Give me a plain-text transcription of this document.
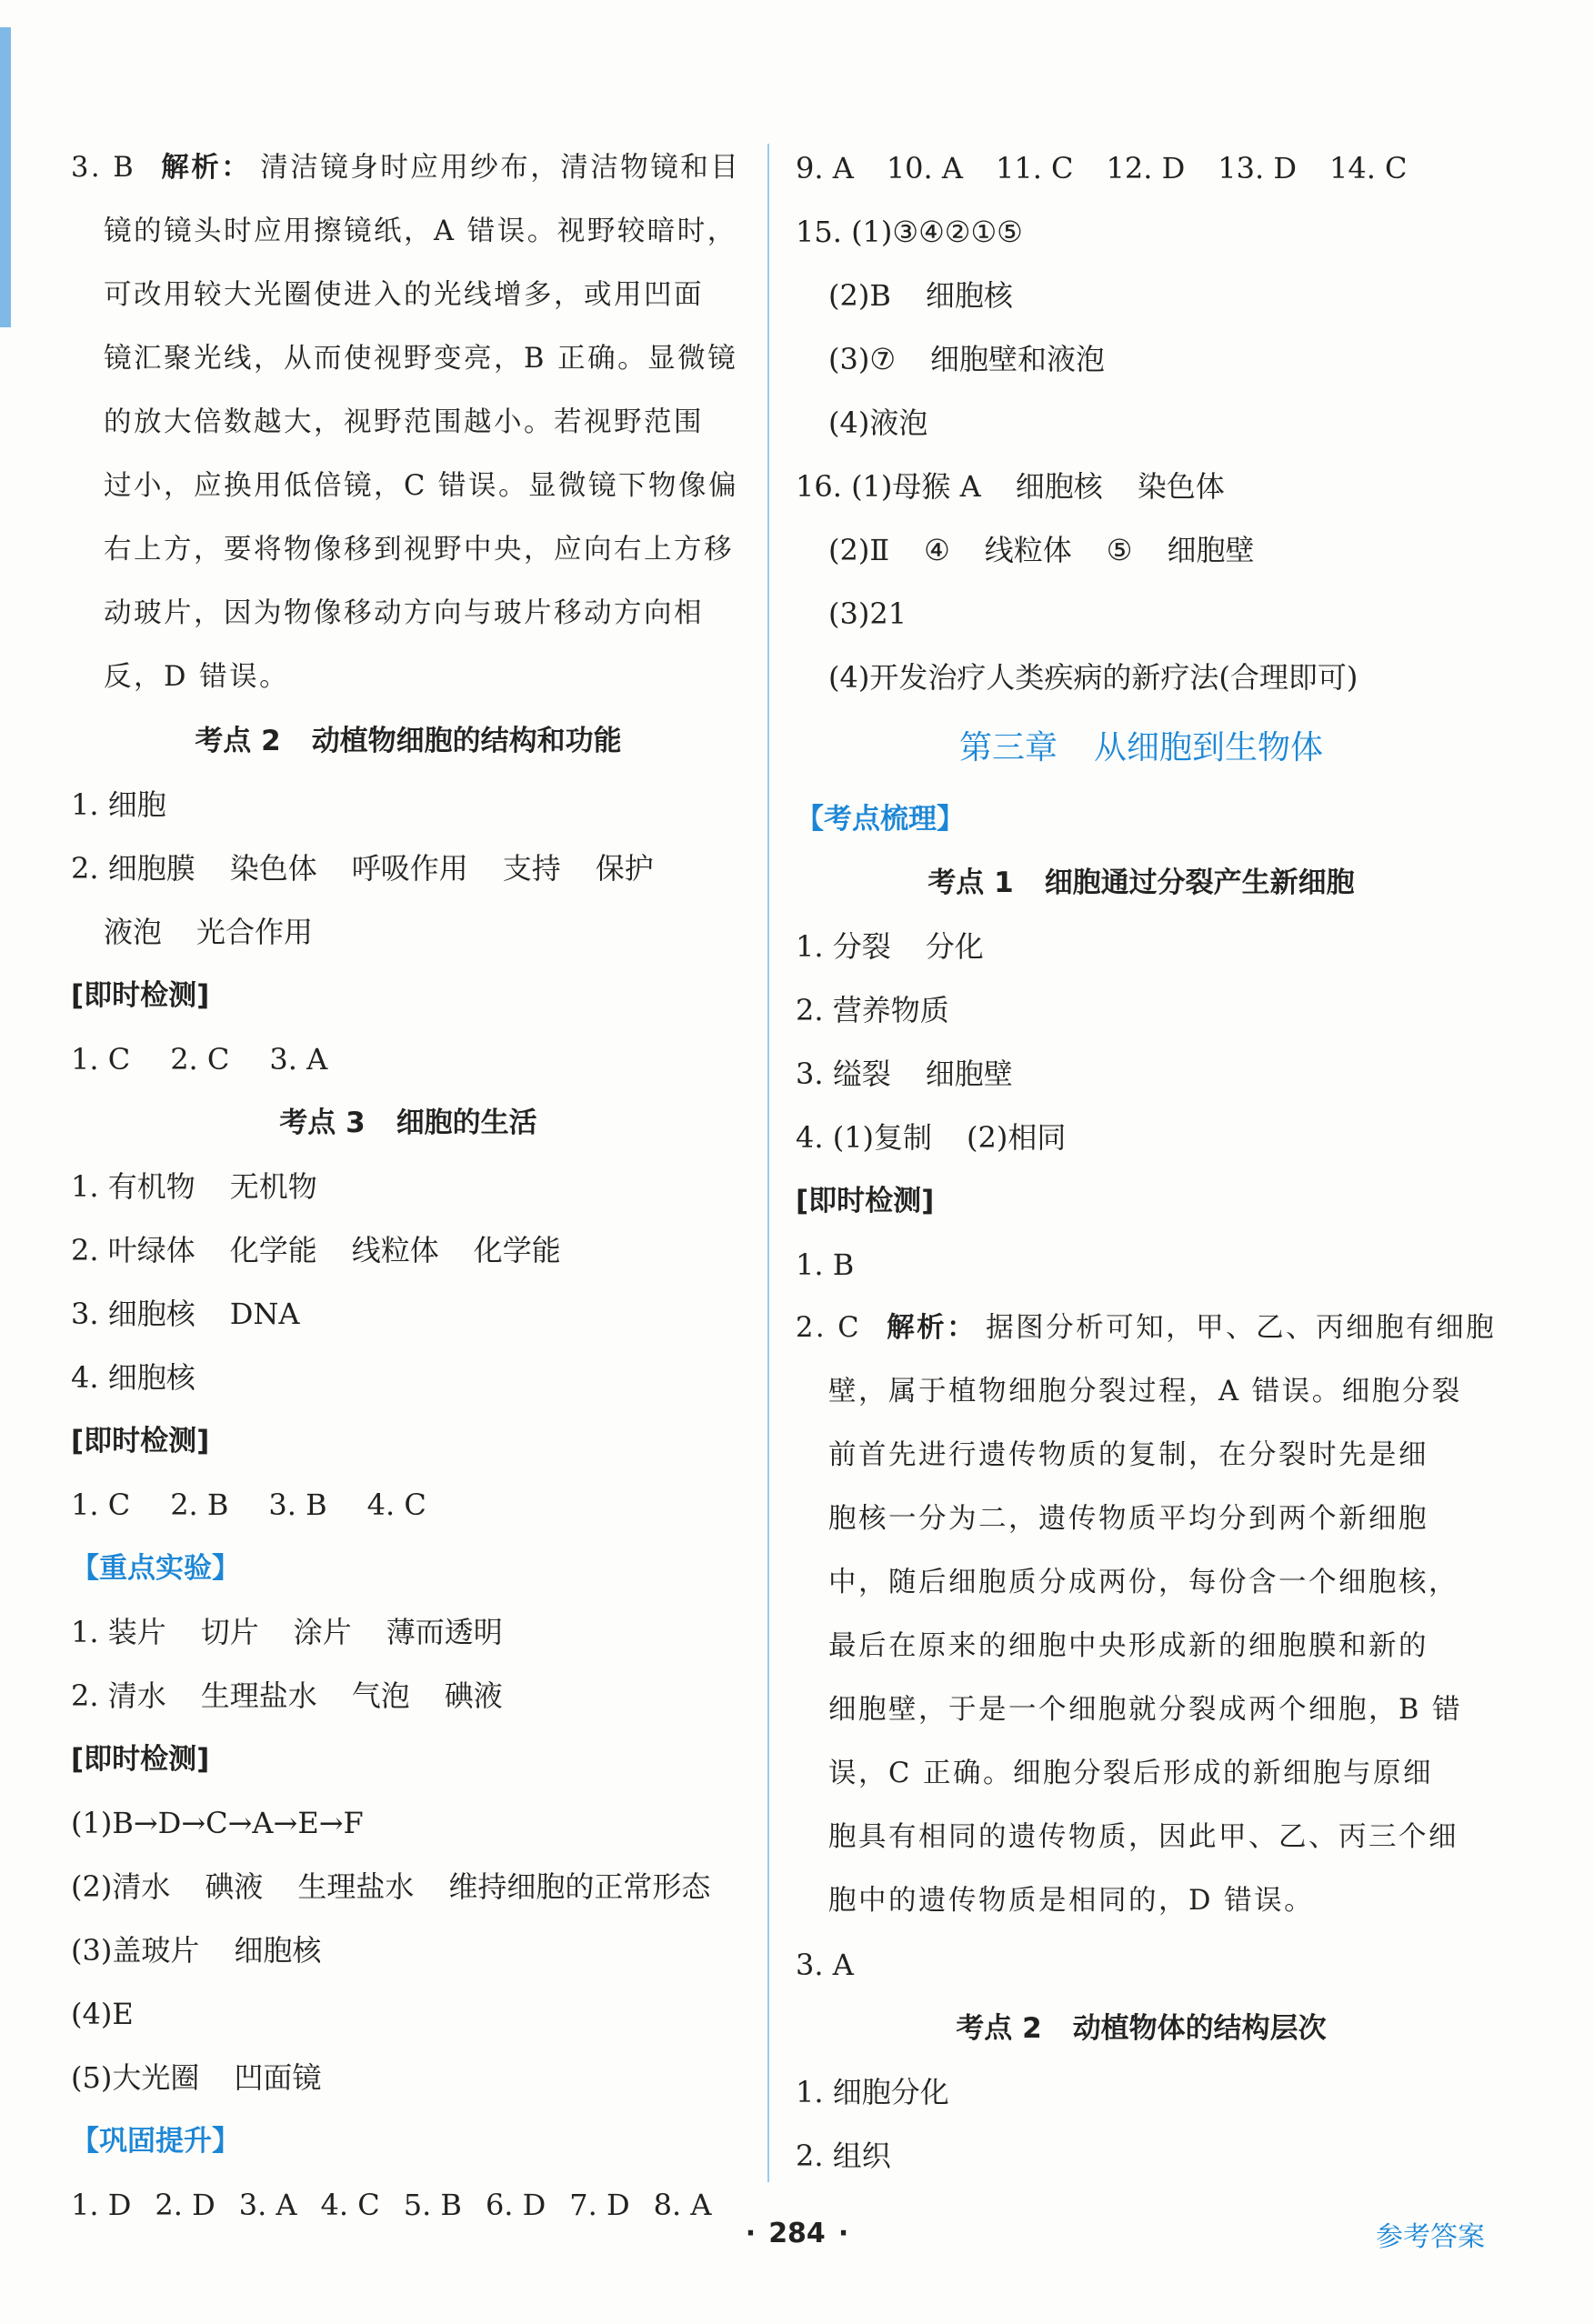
3. B 解析： 清洁镜身时应用纱布，清洁物镜和目
镜的镜头时应用擦镜纸，A 错误。视野较暗时，
可改用较大光圈使进入的光线增多，或用凹面
镜汇聚光线，从而使视野变亮，B 正确。显微镜
的放大倍数越大，视野范围越小。若视野范围
过小，应换用低倍镜，C 错误。显微镜下物像偏
右上方，要将物像移到视野中央，应向右上方移
动玻片，因为物像移动方向与玻片移动方向相
反，D 错误。
考点 2 动植物细胞的结构和功能
1. 细胞
2. 细胞膜 染色体 呼吸作用 支持 保护
液泡 光合作用
[即时检测]
1. C 2. C 3. A
考点 3 细胞的生活
1. 有机物 无机物
2. 叶绿体 化学能 线粒体 化学能
3. 细胞核 DNA
4. 细胞核
[即时检测]
1. C 2. B 3. B 4. C
【重点实验】
1. 装片 切片 涂片 薄而透明
2. 清水 生理盐水 气泡 碘液
[即时检测]
(1)B→D→C→A→E→F
(2)清水 碘液 生理盐水 维持细胞的正常形态
(3)盖玻片 细胞核
(4)E
(5)大光圈 凹面镜
【巩固提升】
1. D 2. D 3. A 4. C 5. B 6. D 7. D 8. A
9. A 10. A 11. C 12. D 13. D 14. C
15. (1)③④②①⑤
(2)B 细胞核
(3)⑦ 细胞壁和液泡
(4)液泡
16. (1)母猴 A 细胞核 染色体
(2)Ⅱ ④ 线粒体 ⑤ 细胞壁
(3)21
(4)开发治疗人类疾病的新疗法(合理即可)
第三章 从细胞到生物体
【考点梳理】
考点 1 细胞通过分裂产生新细胞
1. 分裂 分化
2. 营养物质
3. 缢裂 细胞壁
4. (1)复制 (2)相同
[即时检测]
1. B
2. C 解析： 据图分析可知，甲、乙、丙细胞有细胞
壁，属于植物细胞分裂过程，A 错误。细胞分裂
前首先进行遗传物质的复制，在分裂时先是细
胞核一分为二，遗传物质平均分到两个新细胞
中，随后细胞质分成两份，每份含一个细胞核，
最后在原来的细胞中央形成新的细胞膜和新的
细胞壁，于是一个细胞就分裂成两个细胞，B 错
误，C 正确。细胞分裂后形成的新细胞与原细
胞具有相同的遗传物质，因此甲、乙、丙三个细
胞中的遗传物质是相同的，D 错误。
3. A
考点 2 动植物体的结构层次
1. 细胞分化
2. 组织
· 284 ·	参考答案
